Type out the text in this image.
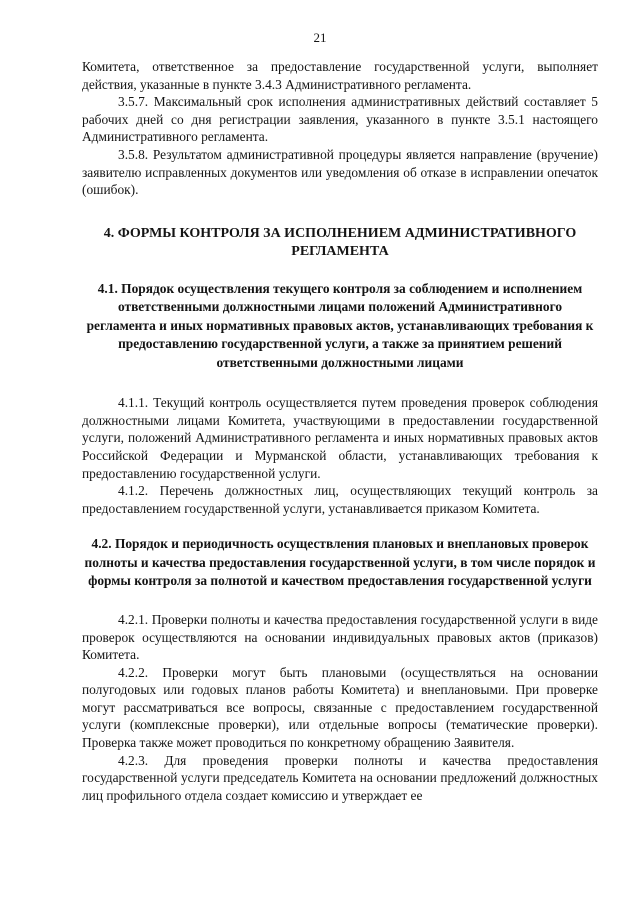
21

Комитета, ответственное за предоставление государственной услуги, выполняет действия, указанные в пункте 3.4.3 Административного регламента.

3.5.7. Максимальный срок исполнения административных действий составляет 5 рабочих дней со дня регистрации заявления, указанного в пункте 3.5.1 настоящего Административного регламента.

3.5.8. Результатом административной процедуры является направление (вручение) заявителю исправленных документов или уведомления об отказе в исправлении опечаток (ошибок).

4. ФОРМЫ КОНТРОЛЯ ЗА ИСПОЛНЕНИЕМ АДМИНИСТРАТИВНОГО РЕГЛАМЕНТА
4.1. Порядок осуществления текущего контроля за соблюдением и исполнением ответственными должностными лицами положений Административного регламента и иных нормативных правовых актов, устанавливающих требования к предоставлению государственной услуги, а также за принятием решений ответственными должностными лицами

4.1.1. Текущий контроль осуществляется путем проведения проверок соблюдения должностными лицами Комитета, участвующими в предоставлении государственной услуги, положений Административного регламента и иных нормативных правовых актов Российской Федерации и Мурманской области, устанавливающих требования к предоставлению государственной услуги.

4.1.2. Перечень должностных лиц, осуществляющих текущий контроль за предоставлением государственной услуги, устанавливается приказом Комитета.

4.2. Порядок и периодичность осуществления плановых и внеплановых проверок полноты и качества предоставления государственной услуги, в том числе порядок и формы контроля за полнотой и качеством предоставления государственной услуги

4.2.1. Проверки полноты и качества предоставления государственной услуги в виде проверок осуществляются на основании индивидуальных правовых актов (приказов) Комитета.

4.2.2. Проверки могут быть плановыми (осуществляться на основании полугодовых или годовых планов работы Комитета) и внеплановыми. При проверке могут рассматриваться все вопросы, связанные с предоставлением государственной услуги (комплексные проверки), или отдельные вопросы (тематические проверки). Проверка также может проводиться по конкретному обращению Заявителя.

4.2.3. Для проведения проверки полноты и качества предоставления государственной услуги председатель Комитета на основании предложений должностных лиц профильного отдела создает комиссию и утверждает ее
